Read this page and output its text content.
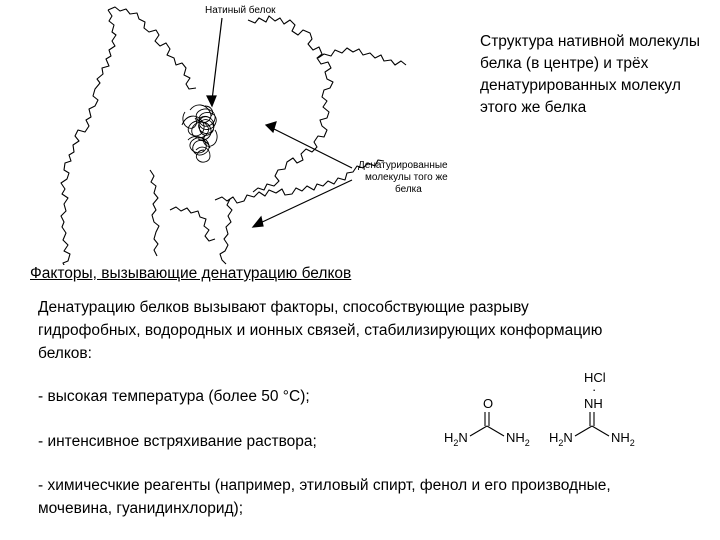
Натиный белок
Денатурированные
молекулы того же
белка
Структура нативной молекулы белка (в центре) и трёх денатурированных молекул этого же белка
Факторы, вызывающие денатурацию белков
Денатурацию белков вызывают факторы, способствующие разрыву гидрофобных, водородных и ионных связей, стабилизирующих конформацию белков:
- высокая температура (более 50 °С);
- интенсивное встряхивание раствора;
- химичесчкие реагенты (например, этиловый спирт, фенол и его производные, мочевина, гуанидинхлорид);
O
$H_2N$	$NH_2$
HCl
·
NH
$H_2N$	$NH_2$
